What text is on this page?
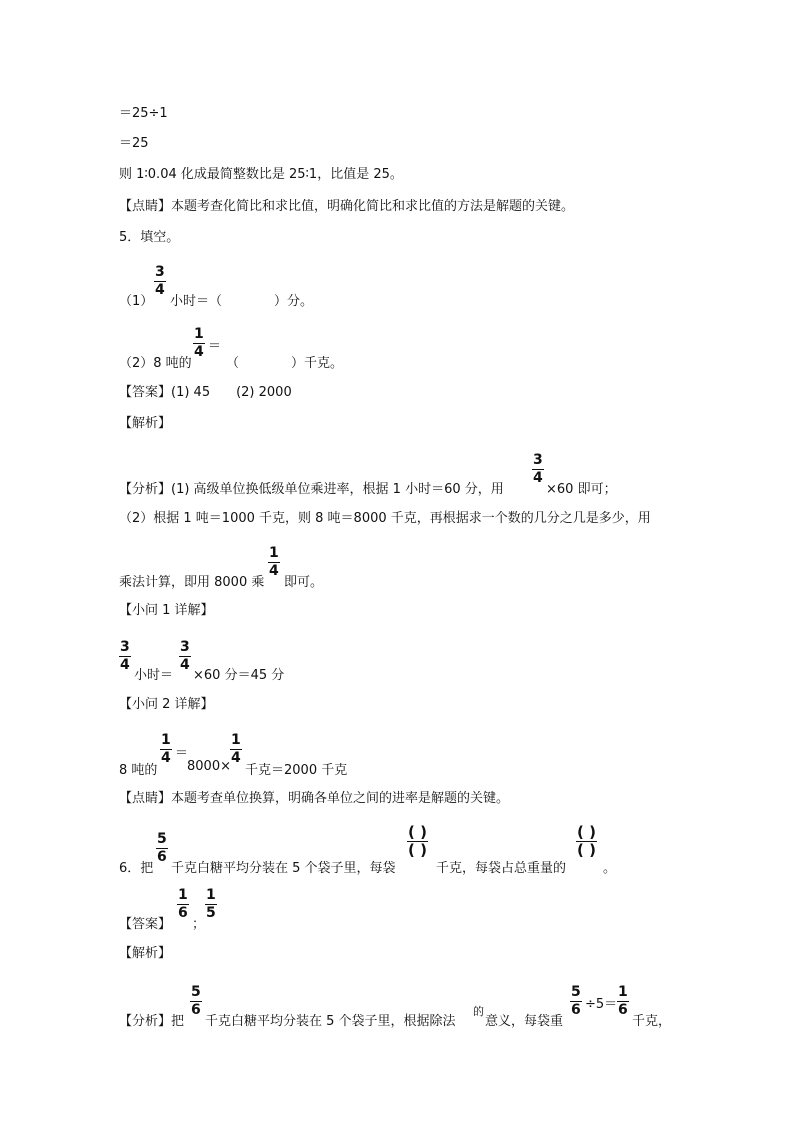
＝25÷1
＝25
则 1∶0.04 化成最简整数比是 25∶1，比值是 25。
【点睛】本题考查化简比和求比值，明确化简比和求比值的方法是解题的关键。
5．填空。
（1）
3
4
小时＝（　　　　）分。
（2）8 吨的
1
4 ＝
（　　　　）千克。
【答案】(1) 45　　(2) 2000
【解析】
【分析】(1) 高级单位换低级单位乘进率，根据 1 小时＝60 分，用
3
4
×60 即可；
（2）根据 1 吨＝1000 千克，则 8 吨＝8000 千克，再根据求一个数的几分之几是多少，用
乘法计算，即用 8000 乘
1
4
即可。
【小问 1 详解】
3
4
小时＝
3
4
×60 分＝45 分
【小问 2 详解】
8 吨的
1
4 ＝
8000×
1
4
千克＝2000 千克
【点睛】本题考查单位换算，明确各单位之间的进率是解题的关键。
6．把
5
6
千克白糖平均分装在 5 个袋子里，每袋
( )
( )
千克，每袋占总重量的
( )
( )
。
【答案】
1
6
；
1
5
【解析】
【分析】把
5
6
千克白糖平均分装在 5 个袋子里，根据除法
的
意义，每袋重
5
6 ÷5＝
1
6
千克，
